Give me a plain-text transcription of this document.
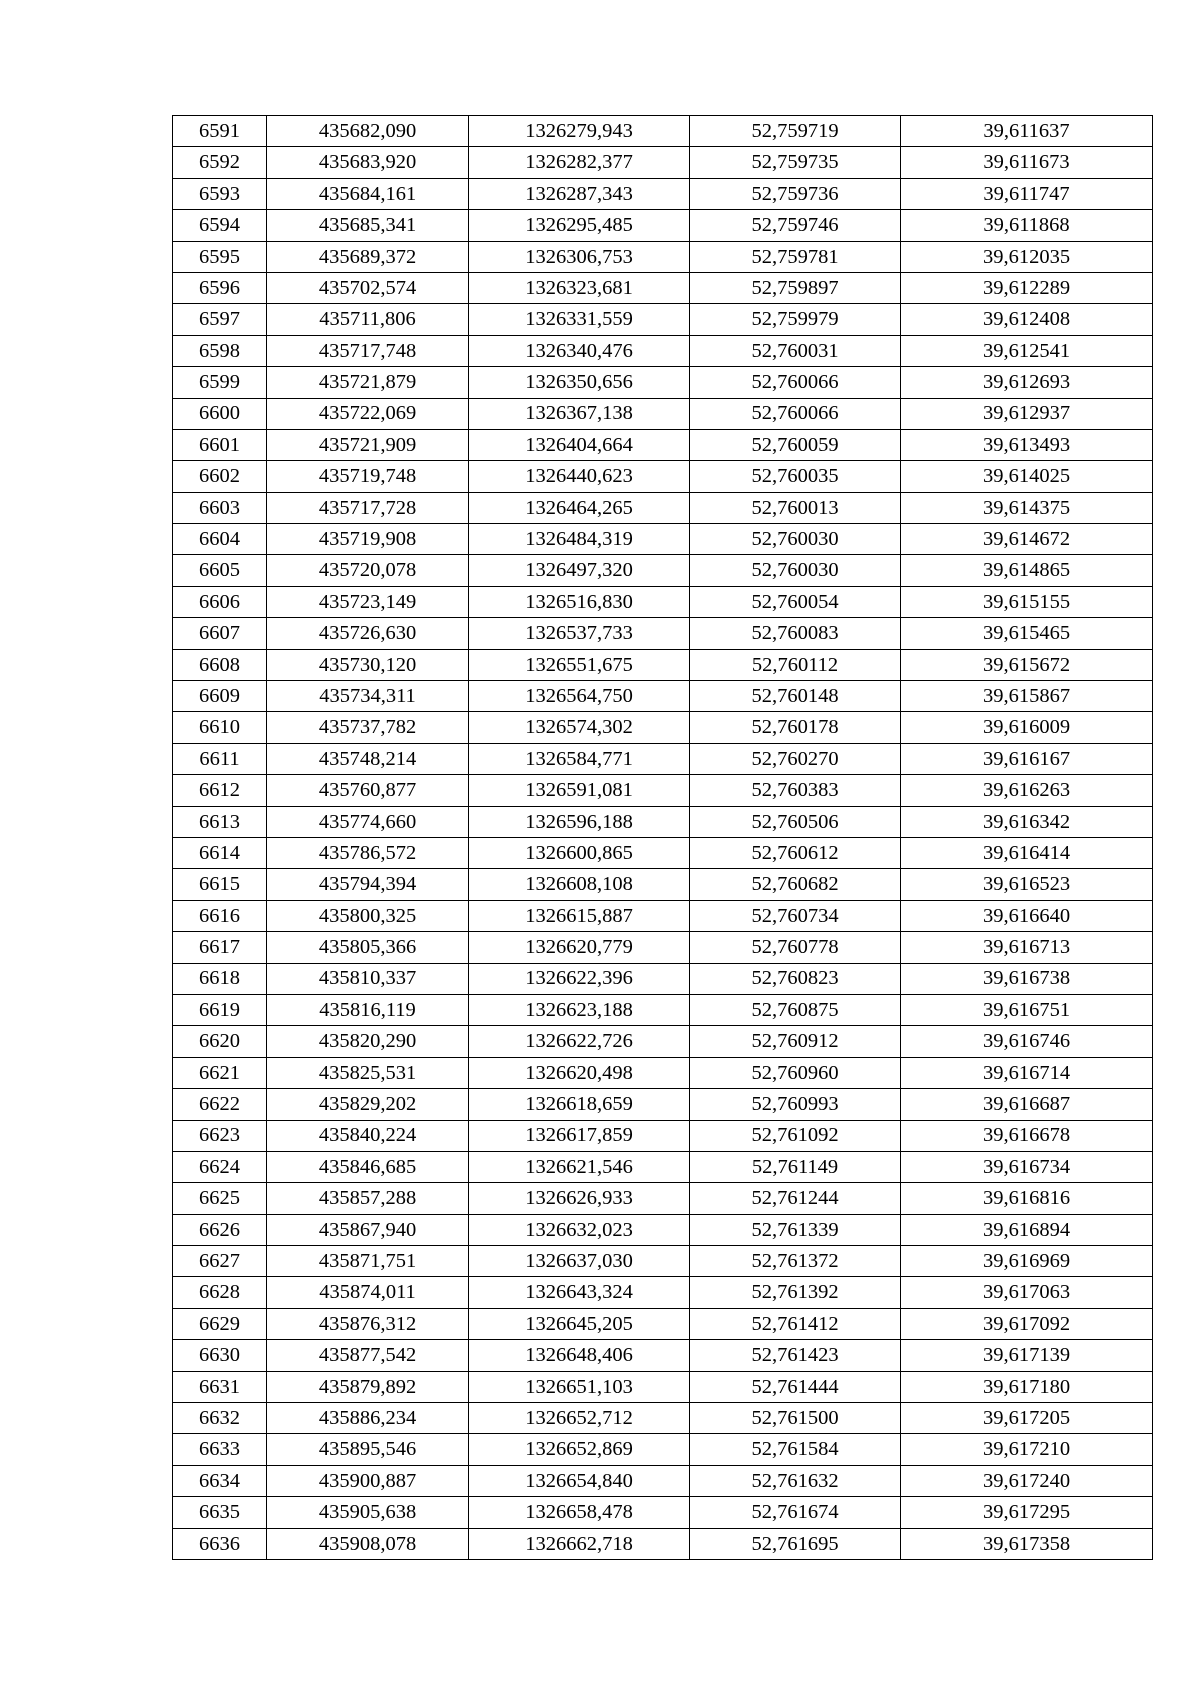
6591	435682,090	1326279,943	52,759719	39,611637
6592	435683,920	1326282,377	52,759735	39,611673
6593	435684,161	1326287,343	52,759736	39,611747
6594	435685,341	1326295,485	52,759746	39,611868
6595	435689,372	1326306,753	52,759781	39,612035
6596	435702,574	1326323,681	52,759897	39,612289
6597	435711,806	1326331,559	52,759979	39,612408
6598	435717,748	1326340,476	52,760031	39,612541
6599	435721,879	1326350,656	52,760066	39,612693
6600	435722,069	1326367,138	52,760066	39,612937
6601	435721,909	1326404,664	52,760059	39,613493
6602	435719,748	1326440,623	52,760035	39,614025
6603	435717,728	1326464,265	52,760013	39,614375
6604	435719,908	1326484,319	52,760030	39,614672
6605	435720,078	1326497,320	52,760030	39,614865
6606	435723,149	1326516,830	52,760054	39,615155
6607	435726,630	1326537,733	52,760083	39,615465
6608	435730,120	1326551,675	52,760112	39,615672
6609	435734,311	1326564,750	52,760148	39,615867
6610	435737,782	1326574,302	52,760178	39,616009
6611	435748,214	1326584,771	52,760270	39,616167
6612	435760,877	1326591,081	52,760383	39,616263
6613	435774,660	1326596,188	52,760506	39,616342
6614	435786,572	1326600,865	52,760612	39,616414
6615	435794,394	1326608,108	52,760682	39,616523
6616	435800,325	1326615,887	52,760734	39,616640
6617	435805,366	1326620,779	52,760778	39,616713
6618	435810,337	1326622,396	52,760823	39,616738
6619	435816,119	1326623,188	52,760875	39,616751
6620	435820,290	1326622,726	52,760912	39,616746
6621	435825,531	1326620,498	52,760960	39,616714
6622	435829,202	1326618,659	52,760993	39,616687
6623	435840,224	1326617,859	52,761092	39,616678
6624	435846,685	1326621,546	52,761149	39,616734
6625	435857,288	1326626,933	52,761244	39,616816
6626	435867,940	1326632,023	52,761339	39,616894
6627	435871,751	1326637,030	52,761372	39,616969
6628	435874,011	1326643,324	52,761392	39,617063
6629	435876,312	1326645,205	52,761412	39,617092
6630	435877,542	1326648,406	52,761423	39,617139
6631	435879,892	1326651,103	52,761444	39,617180
6632	435886,234	1326652,712	52,761500	39,617205
6633	435895,546	1326652,869	52,761584	39,617210
6634	435900,887	1326654,840	52,761632	39,617240
6635	435905,638	1326658,478	52,761674	39,617295
6636	435908,078	1326662,718	52,761695	39,617358
